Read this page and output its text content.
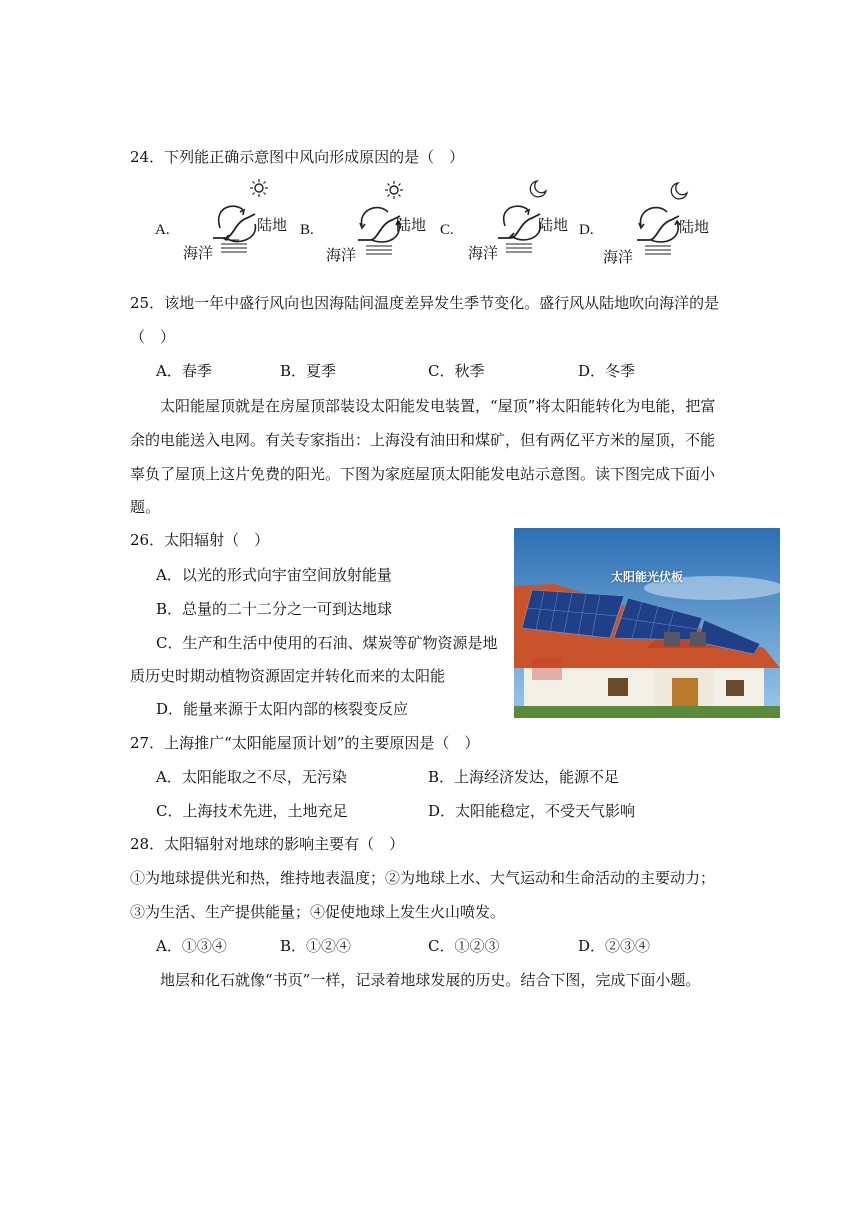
24．下列能正确示意图中风向形成原因的是（　）
A.	陆地
海洋
B.	陆地
海洋
C.	陆地
海洋
D.	陆地
海洋
25．该地一年中盛行风向也因海陆间温度差异发生季节变化。盛行风从陆地吹向海洋的是
（　）
A．春季	B．夏季	C．秋季	D．冬季
太阳能屋顶就是在房屋顶部装设太阳能发电装置，“屋顶”将太阳能转化为电能，把富
余的电能送入电网。有关专家指出：上海没有油田和煤矿，但有两亿平方米的屋顶，不能
辜负了屋顶上这片免费的阳光。下图为家庭屋顶太阳能发电站示意图。读下图完成下面小
题。
26．太阳辐射（　）
A．以光的形式向宇宙空间放射能量
B．总量的二十二分之一可到达地球
C．生产和生活中使用的石油、煤炭等矿物资源是地
质历史时期动植物资源固定并转化而来的太阳能
D．能量来源于太阳内部的核裂变反应
太阳能光伏板
27．上海推广“太阳能屋顶计划”的主要原因是（　）
A．太阳能取之不尽，无污染	B．上海经济发达，能源不足
C．上海技术先进，土地充足	D．太阳能稳定，不受天气影响
28．太阳辐射对地球的影响主要有（　）
①为地球提供光和热，维持地表温度；②为地球上水、大气运动和生命活动的主要动力；
③为生活、生产提供能量；④促使地球上发生火山喷发。
A．①③④	B．①②④	C．①②③	D．②③④
地层和化石就像“书页”一样，记录着地球发展的历史。结合下图，完成下面小题。
